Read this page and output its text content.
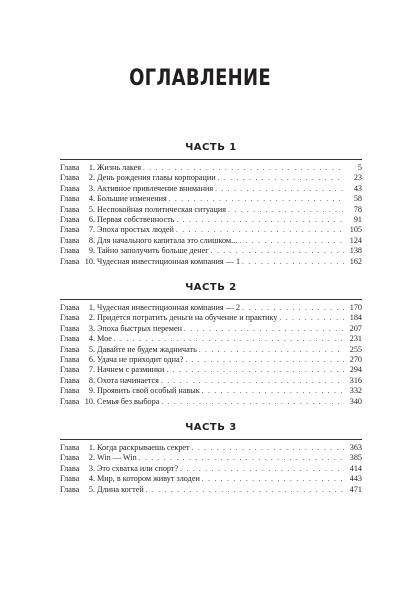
ОГЛАВЛЕНИЕ
ЧАСТЬ 1
Глава	1. Жизнь лакея . . .	5
Глава	2. День рождения главы корпорации . . .	23
Глава	3. Активное привлечение внимания . . .	43
Глава	4. Большие изменения . . .	58
Глава	5. Неспокойная политическая ситуация . . .	78
Глава	6. Первая собственность . . .	91
Глава	7. Эпоха простых людей . . .	105
Глава	8. Для начального капитала это слишком... . . .	124
Глава	9. Тайно заполучить больше денег . . .	138
Глава 10. Чудесная инвестиционная компания — 1 . . .	162
ЧАСТЬ 2
Глава	1. Чудесная инвестиционная компания — 2 . . .	170
Глава	2. Придется потратить деньги на обучение и практику . . .	184
Глава	3. Эпоха быстрых перемен . . .	207
Глава	4. Мое . . .	231
Глава	5. Давайте не будем жадничать . . .	255
Глава	6. Удача не приходит одна? . . .	270
Глава	7. Начнем с разминки . . .	294
Глава	8. Охота начинается . . .	316
Глава	9. Проявить свой особый навык . . .	332
Глава 10. Семья без выбора . . .	340
ЧАСТЬ 3
Глава	1. Когда раскрываешь секрет . . .	363
Глава	2. Win — Win . . .	385
Глава	3. Это схватка или спорт? . . .	414
Глава	4. Мир, в котором живут злодеи . . .	443
Глава	5. Длина когтей . . .	471
